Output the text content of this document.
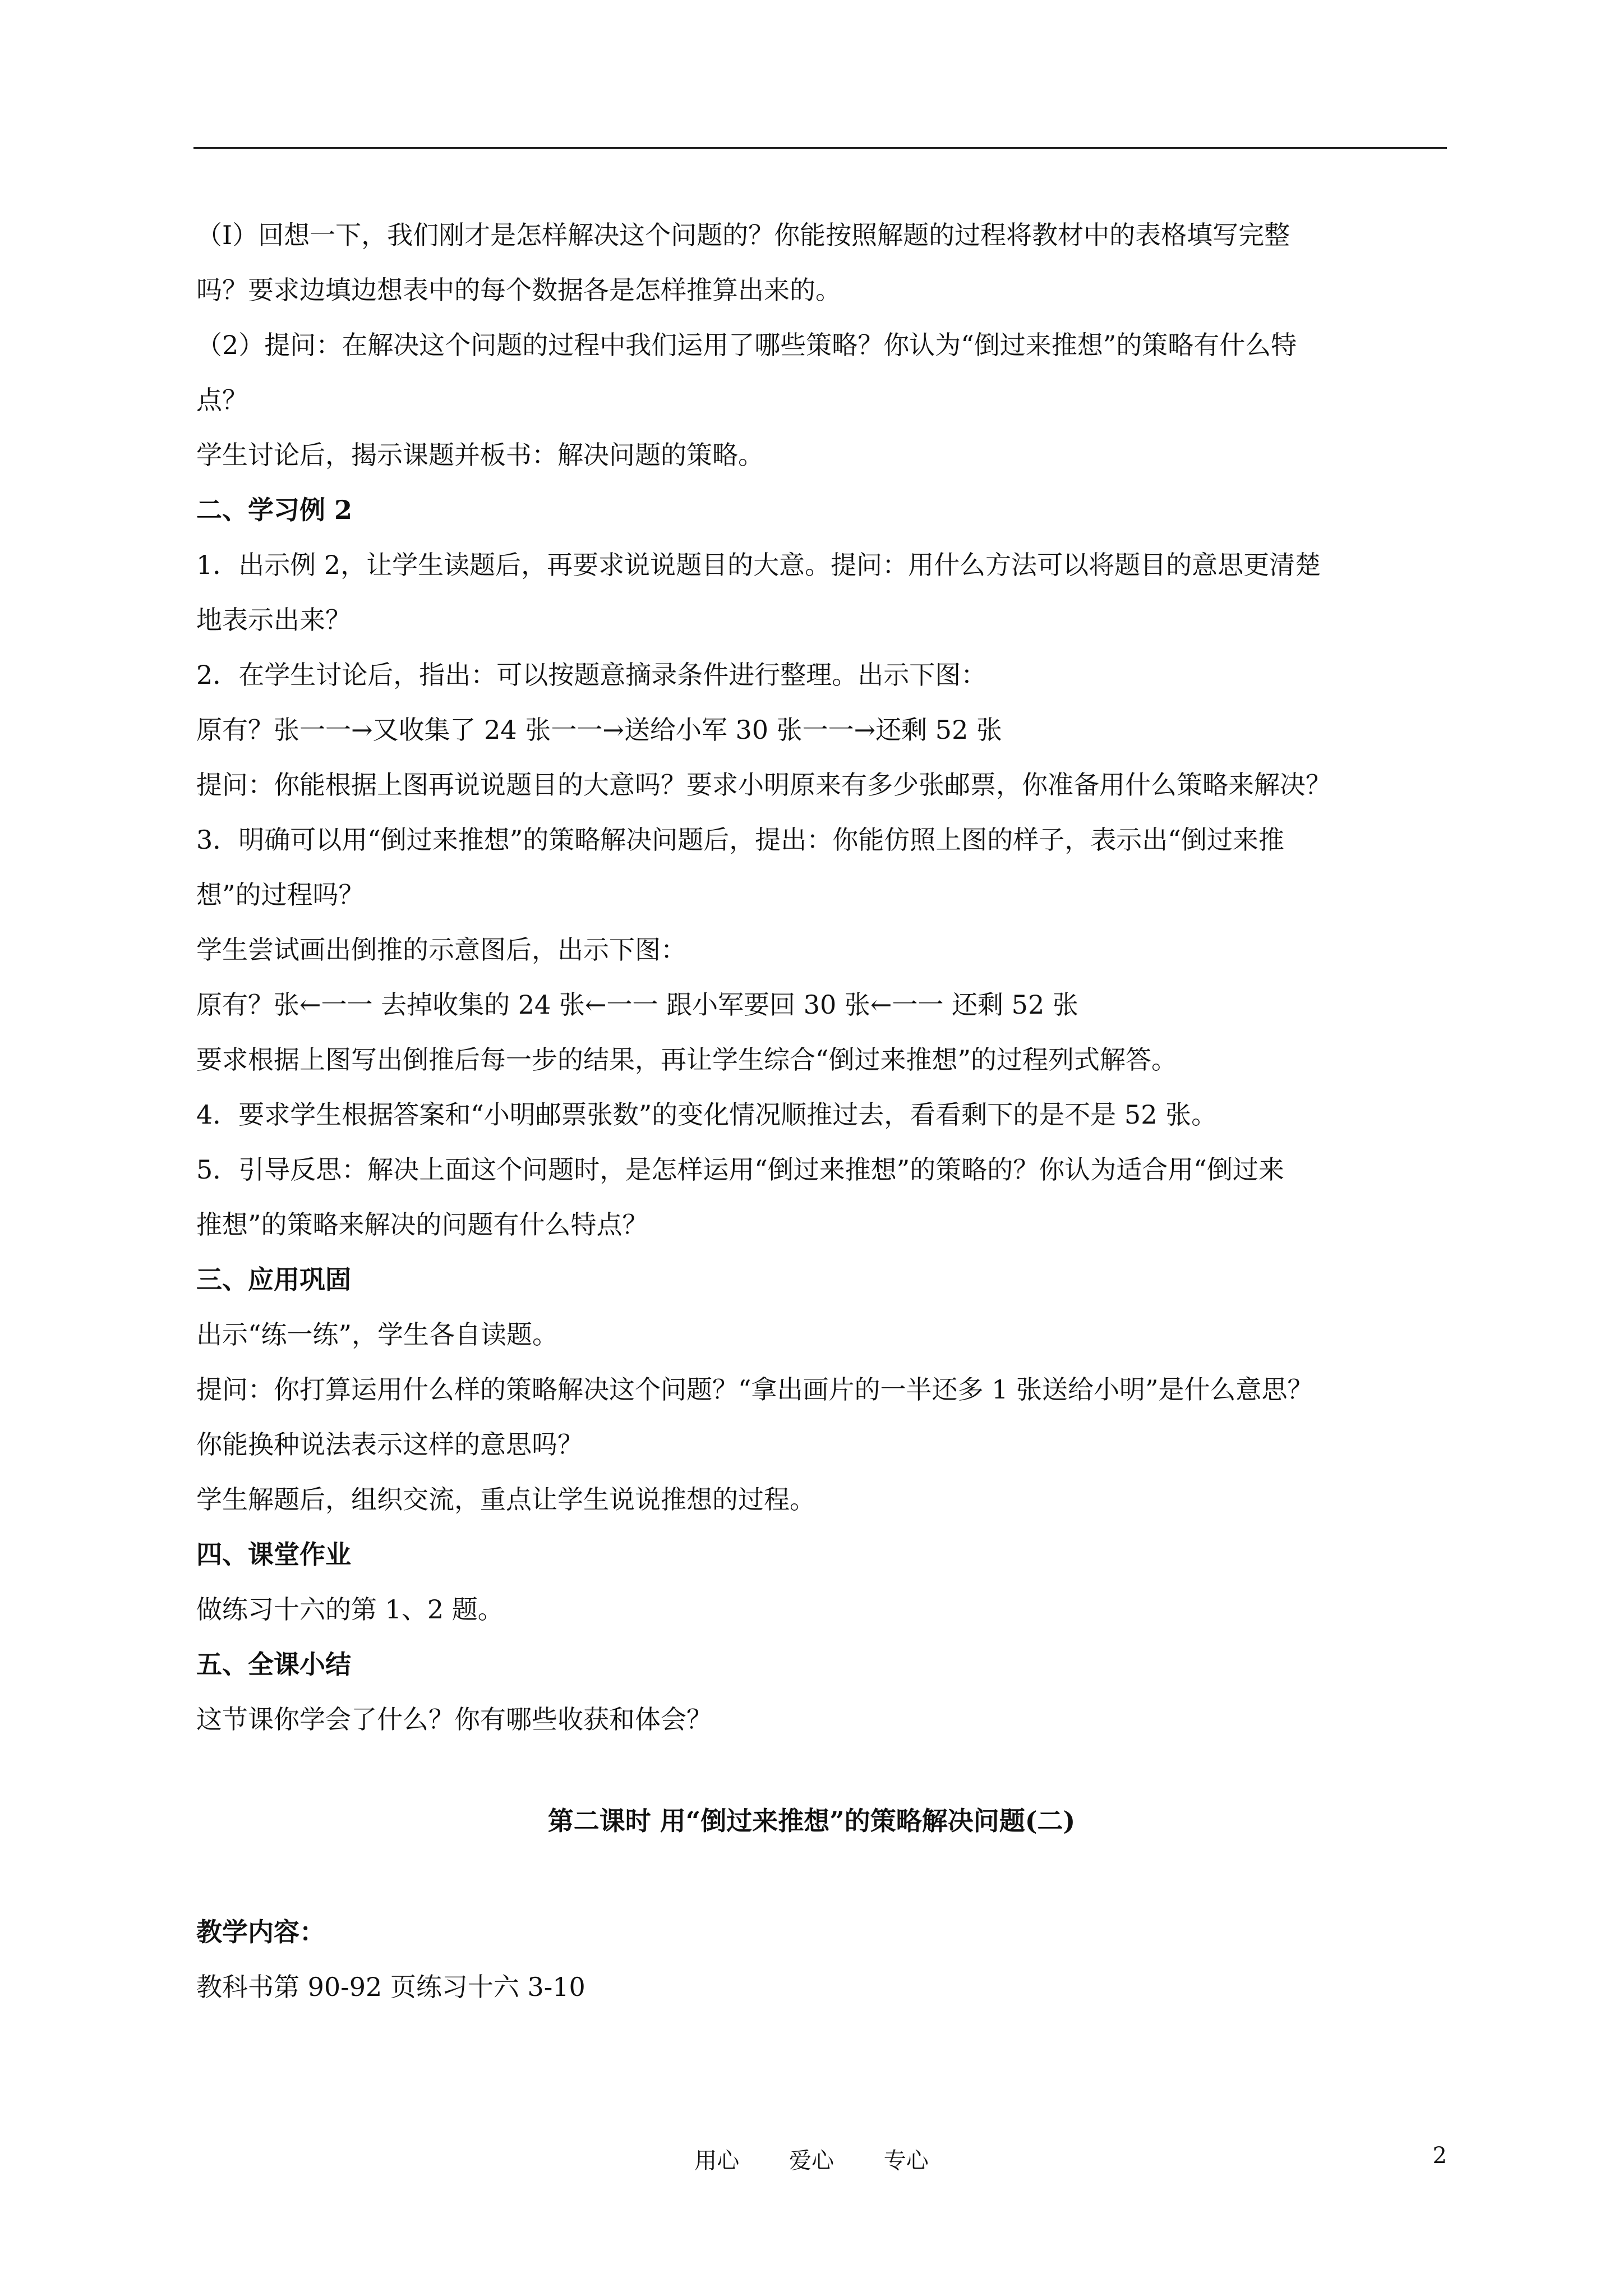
（I）回想一下，我们刚才是怎样解决这个问题的？你能按照解题的过程将教材中的表格填写完整

吗？要求边填边想表中的每个数据各是怎样推算出来的。

（2）提问：在解决这个问题的过程中我们运用了哪些策略？你认为“倒过来推想”的策略有什么特

点？

学生讨论后，揭示课题并板书：解决问题的策略。

二、学习例 2

1．出示例 2，让学生读题后，再要求说说题目的大意。提问：用什么方法可以将题目的意思更清楚

地表示出来？

2．在学生讨论后，指出：可以按题意摘录条件进行整理。出示下图：

原有？张一一→又收集了 24 张一一→送给小军 30 张一一→还剩 52 张

提问：你能根据上图再说说题目的大意吗？要求小明原来有多少张邮票，你准备用什么策略来解决？

3．明确可以用“倒过来推想”的策略解决问题后，提出：你能仿照上图的样子，表示出“倒过来推

想”的过程吗？

学生尝试画出倒推的示意图后，出示下图：

原有？张←一一 去掉收集的 24 张←一一 跟小军要回 30 张←一一 还剩 52 张

要求根据上图写出倒推后每一步的结果，再让学生综合“倒过来推想”的过程列式解答。

4．要求学生根据答案和“小明邮票张数”的变化情况顺推过去，看看剩下的是不是 52 张。

5．引导反思：解决上面这个问题时，是怎样运用“倒过来推想”的策略的？你认为适合用“倒过来

推想”的策略来解决的问题有什么特点？

三、应用巩固

出示“练一练”，学生各自读题。

提问：你打算运用什么样的策略解决这个问题？“拿出画片的一半还多 1 张送给小明”是什么意思？

你能换种说法表示这样的意思吗？

学生解题后，组织交流，重点让学生说说推想的过程。

四、课堂作业

做练习十六的第 1、2 题。

五、全课小结

这节课你学会了什么？你有哪些收获和体会？

第二课时 用“倒过来推想”的策略解决问题(二)

教学内容：

教科书第 90-92 页练习十六 3-10

用心 爱心 专心	2
